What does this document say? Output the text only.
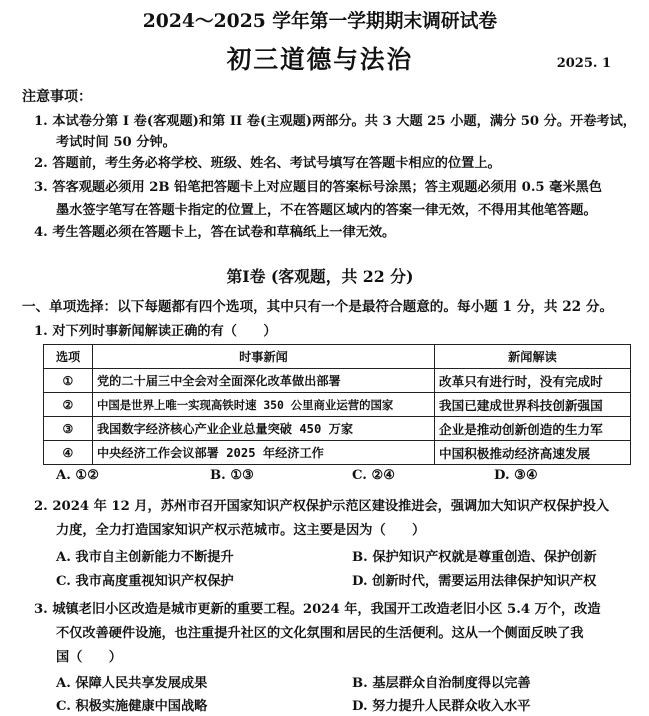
2024～2025 学年第一学期期末调研试卷
初三道德与法治	2025. 1
注意事项：
1. 本试卷分第 I 卷(客观题)和第 II 卷(主观题)两部分。共 3 大题 25 小题，满分 50 分。开卷考试，
考试时间 50 分钟。
2. 答题前，考生务必将学校、班级、姓名、考试号填写在答题卡相应的位置上。
3. 答客观题必须用 2B 铅笔把答题卡上对应题目的答案标号涂黑；答主观题必须用 0.5 毫米黑色
墨水签字笔写在答题卡指定的位置上，不在答题区域内的答案一律无效，不得用其他笔答题。
4. 考生答题必须在答题卡上，答在试卷和草稿纸上一律无效。
第I卷 (客观题，共 22 分)
一、单项选择：以下每题都有四个选项，其中只有一个是最符合题意的。每小题 1 分，共 22 分。
1. 对下列时事新闻解读正确的有（　　）
选项	时事新闻	新闻解读
①	党的二十届三中全会对全面深化改革做出部署	改革只有进行时，没有完成时
②	中国是世界上唯一实现高铁时速 350 公里商业运营的国家	我国已建成世界科技创新强国
③	我国数字经济核心产业企业总量突破 450 万家	企业是推动创新创造的生力军
④	中央经济工作会议部署 2025 年经济工作	中国积极推动经济高速发展
A. ①②	B. ①③	C. ②④	D. ③④
2. 2024 年 12 月，苏州市召开国家知识产权保护示范区建设推进会，强调加大知识产权保护投入
力度，全力打造国家知识产权示范城市。这主要是因为（　　）
A. 我市自主创新能力不断提升	B. 保护知识产权就是尊重创造、保护创新
C. 我市高度重视知识产权保护	D. 创新时代，需要运用法律保护知识产权
3. 城镇老旧小区改造是城市更新的重要工程。2024 年，我国开工改造老旧小区 5.4 万个，改造
不仅改善硬件设施，也注重提升社区的文化氛围和居民的生活便利。这从一个侧面反映了我
国（　　）
A. 保障人民共享发展成果	B. 基层群众自治制度得以完善
C. 积极实施健康中国战略	D. 努力提升人民群众收入水平
